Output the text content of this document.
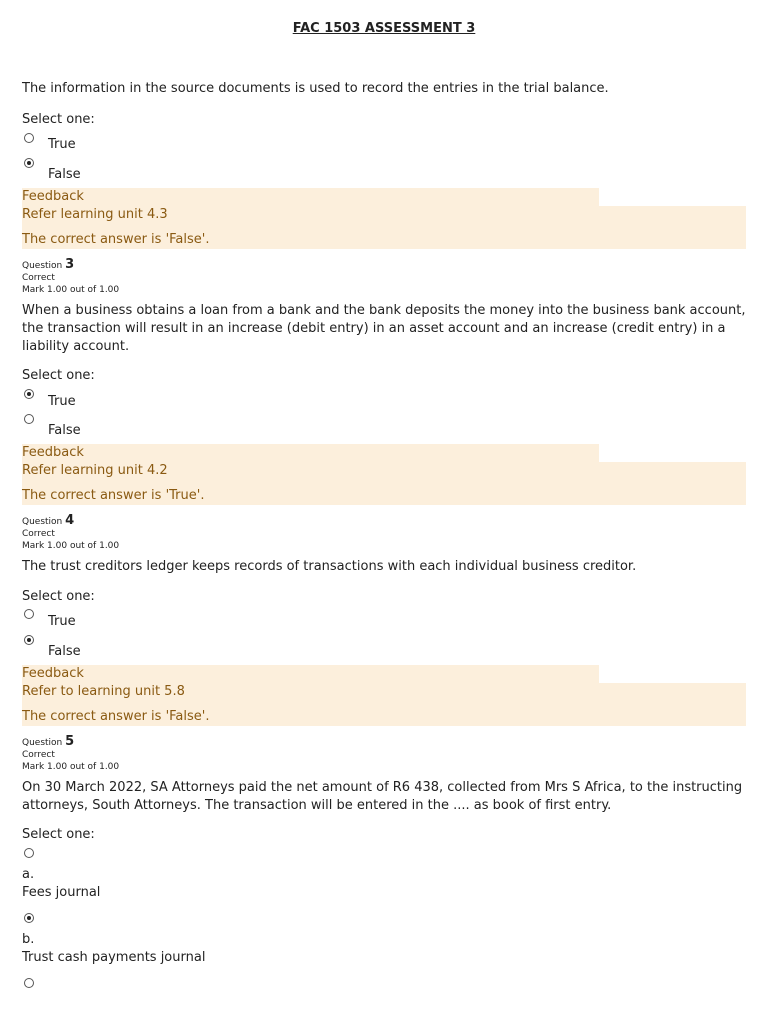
FAC 1503 ASSESSMENT 3
The information in the source documents is used to record the entries in the trial balance.
Select one:
True
False
Feedback
Refer learning unit 4.3
The correct answer is 'False'.
Question 3
Correct
Mark 1.00 out of 1.00
When a business obtains a loan from a bank and the bank deposits the money into the business bank account, the transaction will result in an increase (debit entry) in an asset account and an increase (credit entry) in a liability account.
Select one:
True
False
Feedback
Refer learning unit 4.2
The correct answer is 'True'.
Question 4
Correct
Mark 1.00 out of 1.00
The trust creditors ledger keeps records of transactions with each individual business creditor.
Select one:
True
False
Feedback
Refer to learning unit 5.8
The correct answer is 'False'.
Question 5
Correct
Mark 1.00 out of 1.00
On 30 March 2022, SA Attorneys paid the net amount of R6 438, collected from Mrs S Africa, to the instructing attorneys, South Attorneys. The transaction will be entered in the .... as book of first entry.
Select one:
a.
Fees journal
b.
Trust cash payments journal
